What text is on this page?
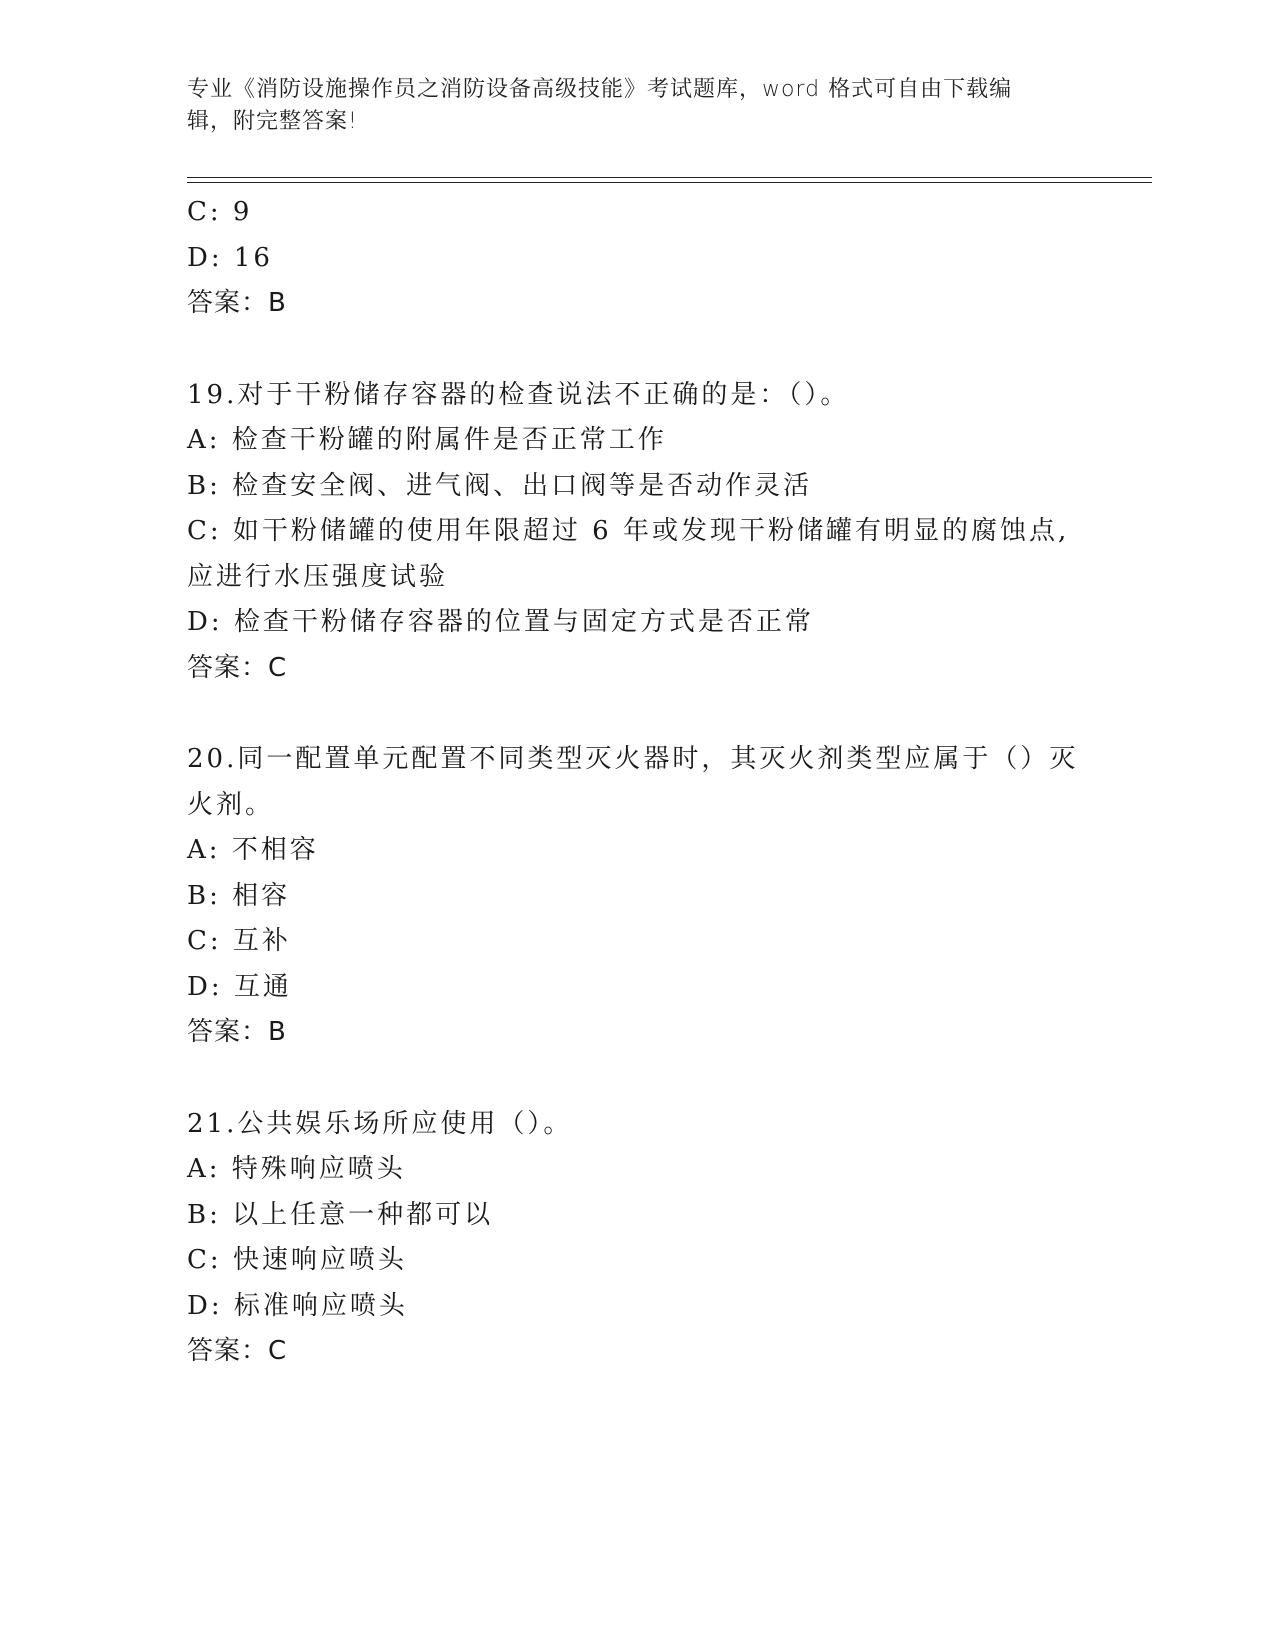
专业《消防设施操作员之消防设备高级技能》考试题库，word 格式可自由下载编
辑，附完整答案!
C: 9
D: 16
答案：B
19.对于干粉储存容器的检查说法不正确的是：（）。
A: 检查干粉罐的附属件是否正常工作
B: 检查安全阀、进气阀、出口阀等是否动作灵活
C: 如干粉储罐的使用年限超过 6 年或发现干粉储罐有明显的腐蚀点,
应进行水压强度试验
D: 检查干粉储存容器的位置与固定方式是否正常
答案：C
20.同一配置单元配置不同类型灭火器时，其灭火剂类型应属于（）灭
火剂。
A: 不相容
B: 相容
C: 互补
D: 互通
答案：B
21.公共娱乐场所应使用（）。
A: 特殊响应喷头
B: 以上任意一种都可以
C: 快速响应喷头
D: 标准响应喷头
答案：C
